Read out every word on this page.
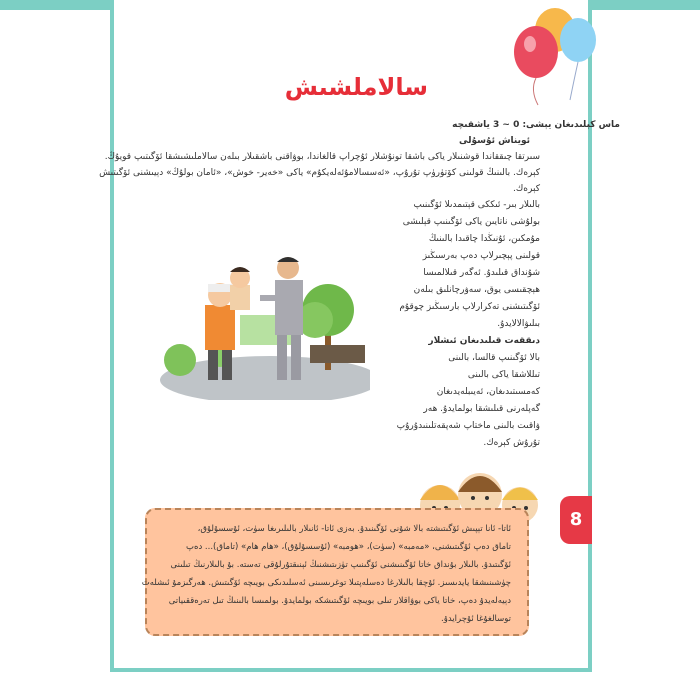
سالاملشىش
ماس كېلىدىغان يېشى: 0 ~ 3 ياشقىچە
ئويناش ئۇسۇلى
سىرتقا چىققاندا قوشنىلار ياكى باشقا تونۇشلار ئۇچراپ قالغاندا، بوۋاقنى باشقىلار بىلەن سالاملىشىشقا ئۆگىتىپ قويۇڭ.
كېرەك. بالىنىڭ قولىنى كۆتۈرۈپ تۇرۇپ، «ئەسسالامۇئەلەيكۇم» ياكى «خەير- خوش»، «ئامان بولۇڭ» دېيىشنى ئۆگىتىش
كېرەك.
بالىلار بىر- ئىككى قېتىمدىلا ئۆگىنىپ
بولۇشى ناتايىن ياكى ئۆگىنىپ قېلىشى
مۇمكىن، ئۇنىڭدا چاقىدا بالىنىڭ
قولىنى پېچىرلاپ دەپ بەرسىڭىز
شۇنداق قىلىدۇ. ئەگەر قىلالمىسا
ھېچقىسى يوق، سەۋرچانلىق بىلەن
ئۆگىتىشنى تەكرارلاپ بارسىڭىز چوقۇم
بىلىۋالالايدۇ.
دىققەت قىلىدىغان ئىشلار
بالا ئۆگىنىپ قالسا، بالىنى
تىللاشقا ياكى بالىنى
كەمسىتىدىغان، ئەيىبلەيدىغان
گەپلەرنى قىلىشقا بولمايدۇ. ھەر
ۋاقىت بالىنى ماختاپ شەپقەتلىنىدۇرۇپ
تۇرۇش كېرەك.
ئاتا- ئانا تېپىش ئۆگىتىشتە بالا شۇنى ئۆگىنىدۇ. بەزى ئاتا- ئانىلار بالىلىرىغا سۈت، ئۇسسۇلۇق،
تاماق دەپ ئۆگىتىشنى، «مەمبە» (سۈت)، «ھومبە» (ئۇسسۇلۇق)، «ھام ھام» (تاماق)... دەپ
ئۆگىتىدۇ. بالىلار بۇنداق خاتا ئۆگىنىشنى ئۆگىنىپ تۈزىتىشنىڭ ئېنىقتۇرلۇقى تەستە. بۇ بالىلارنىڭ تىلىنى
چۈشىنىشقا يايدىسىز. ئۇچقا بالىلارغا دەسلەپتىلا توغرىسىنى ئەسلىدىكى بويىچە ئۆگىتىش. ھەرگىزمۇ ئىشلەت
دېيەلەيدۇ دەپ، خاتا ياكى بوۋاقلار تىلى بويىچە ئۆگىتىشكە بولمايدۇ. بولمىسا بالىنىڭ تىل تەرەققىياتى
توسالغۇغا ئۇچرايدۇ.
8
